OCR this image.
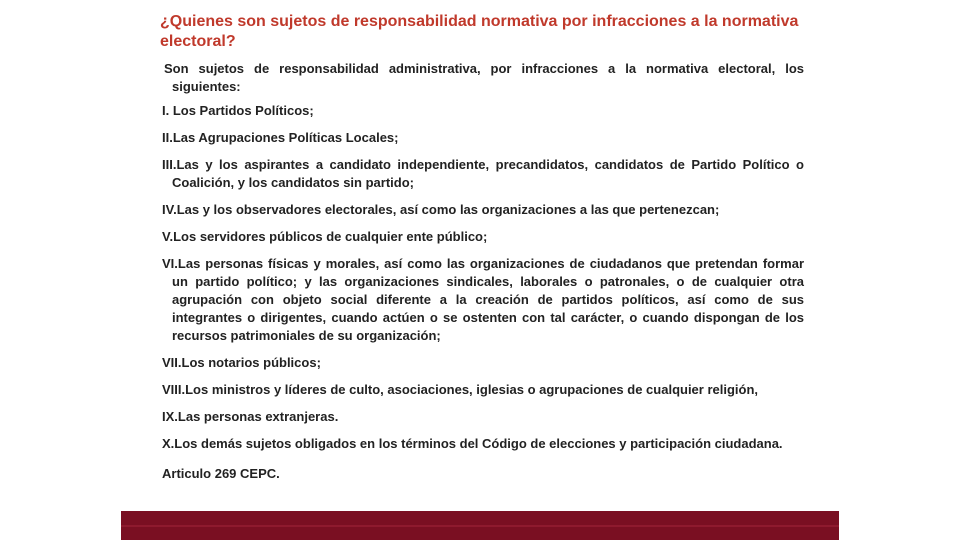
¿Quienes son sujetos de responsabilidad normativa por infracciones a la normativa electoral?

Son sujetos de responsabilidad administrativa, por infracciones a la normativa electoral, los siguientes:

I. Los Partidos Políticos;
II.Las Agrupaciones Políticas Locales;
III.Las y los aspirantes a candidato independiente, precandidatos, candidatos de Partido Político o Coalición, y los candidatos sin partido;
IV.Las y los observadores electorales, así como las organizaciones a las que pertenezcan;
V.Los servidores públicos de cualquier ente público;
VI.Las personas físicas y morales, así como las organizaciones de ciudadanos que pretendan formar un partido político; y las organizaciones sindicales, laborales o patronales, o de cualquier otra agrupación con objeto social diferente a la creación de partidos políticos, así como de sus integrantes o dirigentes, cuando actúen o se ostenten con tal carácter, o cuando dispongan de los recursos patrimoniales de su organización;
VII.Los notarios públicos;
VIII.Los ministros y líderes de culto, asociaciones, iglesias o agrupaciones de cualquier religión,
IX.Las personas extranjeras.
X.Los demás sujetos obligados en los términos del Código de elecciones y participación ciudadana.

Articulo 269 CEPC.
